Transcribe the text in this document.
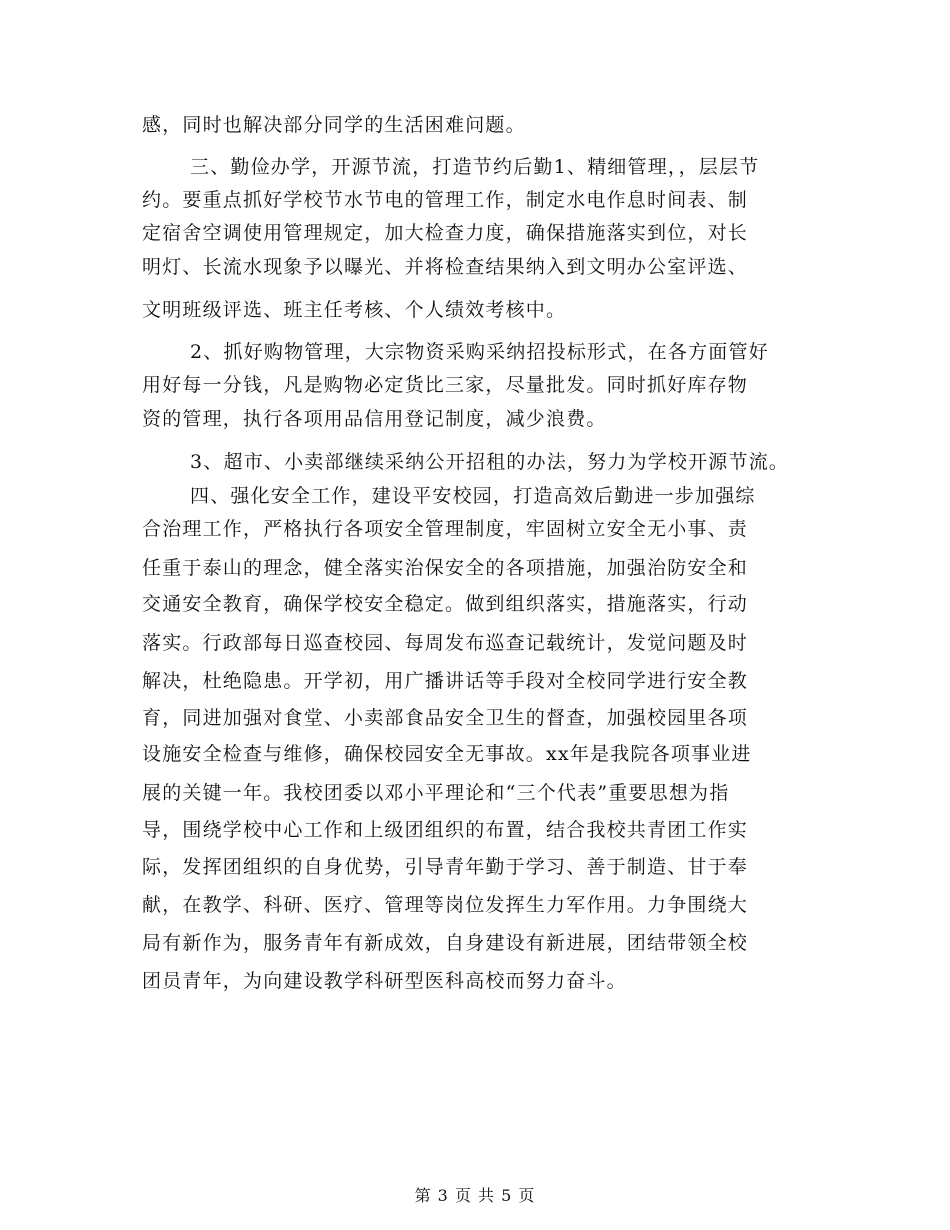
感，同时也解决部分同学的生活困难问题。
三、勤俭办学，开源节流，打造节约后勤1、精细管理，，层层节
约。要重点抓好学校节水节电的管理工作，制定水电作息时间表、制
定宿舍空调使用管理规定，加大检查力度，确保措施落实到位，对长
明灯、长流水现象予以曝光、并将检查结果纳入到文明办公室评选、
文明班级评选、班主任考核、个人绩效考核中。
2、抓好购物管理，大宗物资采购采纳招投标形式，在各方面管好
用好每一分钱，凡是购物必定货比三家，尽量批发。同时抓好库存物
资的管理，执行各项用品信用登记制度，减少浪费。
3、超市、小卖部继续采纳公开招租的办法，努力为学校开源节流。
四、强化安全工作，建设平安校园，打造高效后勤进一步加强综
合治理工作，严格执行各项安全管理制度，牢固树立安全无小事、责
任重于泰山的理念，健全落实治保安全的各项措施，加强治防安全和
交通安全教育，确保学校安全稳定。做到组织落实，措施落实，行动
落实。行政部每日巡查校园、每周发布巡查记载统计，发觉问题及时
解决，杜绝隐患。开学初，用广播讲话等手段对全校同学进行安全教
育，同进加强对食堂、小卖部食品安全卫生的督查，加强校园里各项
设施安全检查与维修，确保校园安全无事故。xx年是我院各项事业进
展的关键一年。我校团委以邓小平理论和“三个代表”重要思想为指
导，围绕学校中心工作和上级团组织的布置，结合我校共青团工作实
际，发挥团组织的自身优势，引导青年勤于学习、善于制造、甘于奉
献，在教学、科研、医疗、管理等岗位发挥生力军作用。力争围绕大
局有新作为，服务青年有新成效，自身建设有新进展，团结带领全校
团员青年，为向建设教学科研型医科高校而努力奋斗。
第 3 页 共 5 页
